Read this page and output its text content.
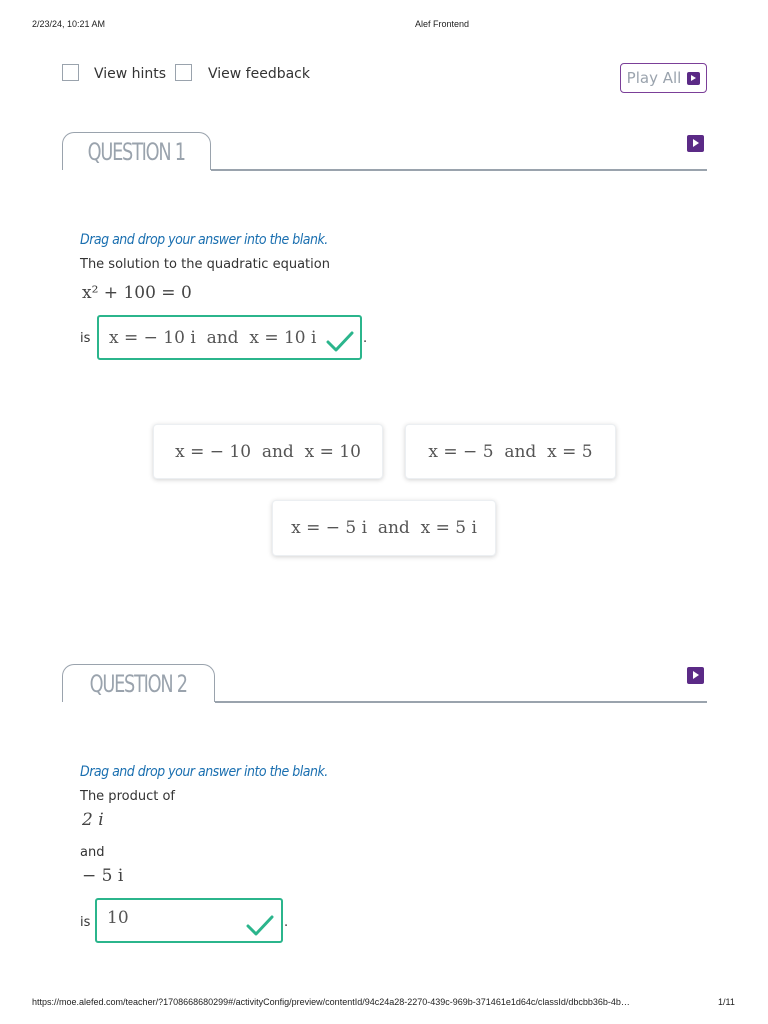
2/23/24, 10:21 AM	Alef Frontend
View hints	View feedback	Play All
QUESTION 1
Drag and drop your answer into the blank.
The solution to the quadratic equation
x² + 100 = 0
is x = − 10 i  and  x = 10 i	.
x = − 10  and  x = 10	x = − 5  and  x = 5
x = − 5 i  and  x = 5 i
QUESTION 2
Drag and drop your answer into the blank.
The product of
2 i
and
− 5 i
is 10	.
https://moe.alefed.com/teacher/?1708668680299#/activityConfig/preview/contentId/94c24a28-2270-439c-969b-371461e1d64c/classId/dbcbb36b-4b…	1/11
